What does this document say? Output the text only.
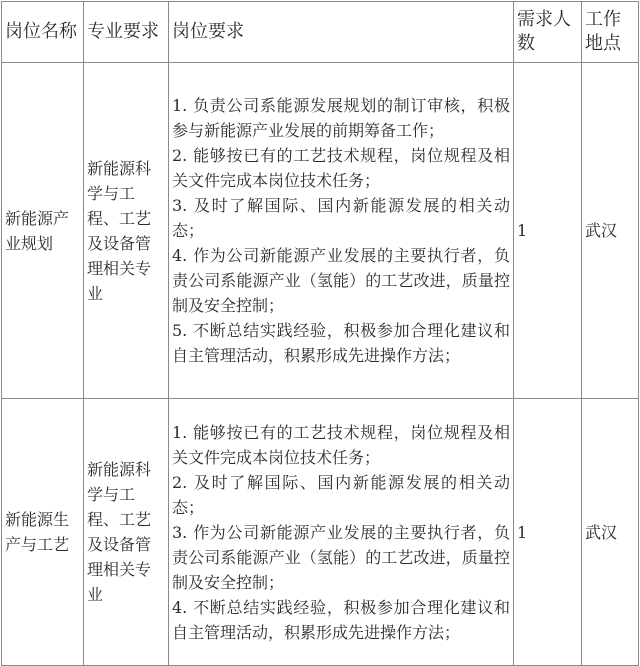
岗位名称	专业要求	岗位要求	需求人数	工作地点
新能源产业规划	新能源科学与工程、工艺及设备管理相关专业	1. 负责公司系能源发展规划的制订审核，积极参与新能源产业发展的前期筹备工作；
2. 能够按已有的工艺技术规程，岗位规程及相关文件完成本岗位技术任务；
3. 及时了解国际、国内新能源发展的相关动态；
4. 作为公司新能源产业发展的主要执行者，负责公司系能源产业（氢能）的工艺改进，质量控制及安全控制；
5. 不断总结实践经验，积极参加合理化建议和自主管理活动，积累形成先进操作方法；	1	武汉
新能源生产与工艺	新能源科学与工程、工艺及设备管理相关专业	1. 能够按已有的工艺技术规程，岗位规程及相关文件完成本岗位技术任务；
2. 及时了解国际、国内新能源发展的相关动态；
3. 作为公司新能源产业发展的主要执行者，负责公司系能源产业（氢能）的工艺改进，质量控制及安全控制；
4. 不断总结实践经验，积极参加合理化建议和自主管理活动，积累形成先进操作方法；	1	武汉
